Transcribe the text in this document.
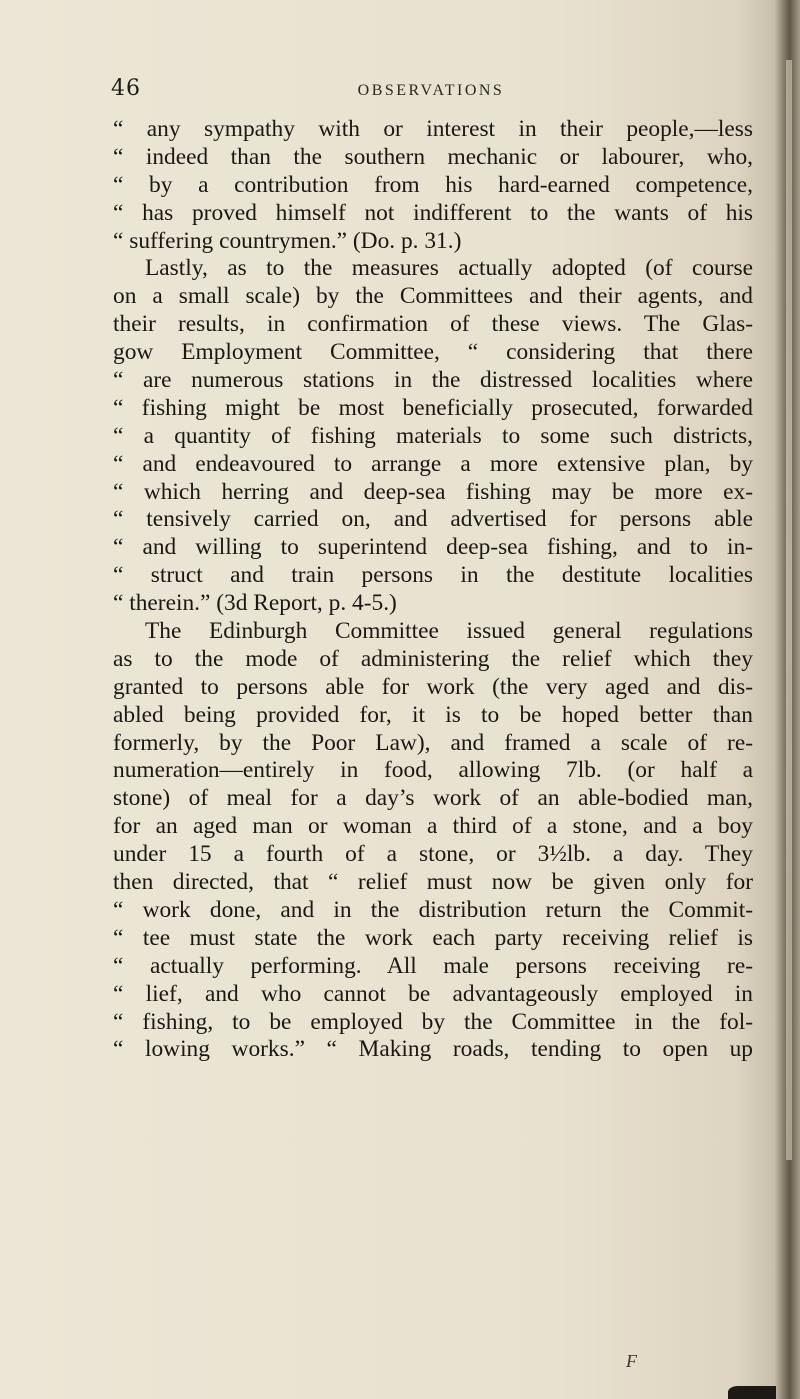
46	OBSERVATIONS
“ any sympathy with or interest in their people,—less
“ indeed than the southern mechanic or labourer, who,
“ by a contribution from his hard-earned competence,
“ has proved himself not indifferent to the wants of his
“ suffering countrymen.” (Do. p. 31.)
Lastly, as to the measures actually adopted (of course
on a small scale) by the Committees and their agents, and
their results, in confirmation of these views. The Glas-
gow Employment Committee, “ considering that there
“ are numerous stations in the distressed localities where
“ fishing might be most beneficially prosecuted, forwarded
“ a quantity of fishing materials to some such districts,
“ and endeavoured to arrange a more extensive plan, by
“ which herring and deep-sea fishing may be more ex-
“ tensively carried on, and advertised for persons able
“ and willing to superintend deep-sea fishing, and to in-
“ struct and train persons in the destitute localities
“ therein.” (3d Report, p. 4-5.)
The Edinburgh Committee issued general regulations
as to the mode of administering the relief which they
granted to persons able for work (the very aged and dis-
abled being provided for, it is to be hoped better than
formerly, by the Poor Law), and framed a scale of re-
numeration—entirely in food, allowing 7lb. (or half a
stone) of meal for a day’s work of an able-bodied man,
for an aged man or woman a third of a stone, and a boy
under 15 a fourth of a stone, or 3½lb. a day. They
then directed, that “ relief must now be given only for
“ work done, and in the distribution return the Commit-
“ tee must state the work each party receiving relief is
“ actually performing. All male persons receiving re-
“ lief, and who cannot be advantageously employed in
“ fishing, to be employed by the Committee in the fol-
“ lowing works.” “ Making roads, tending to open up
F
